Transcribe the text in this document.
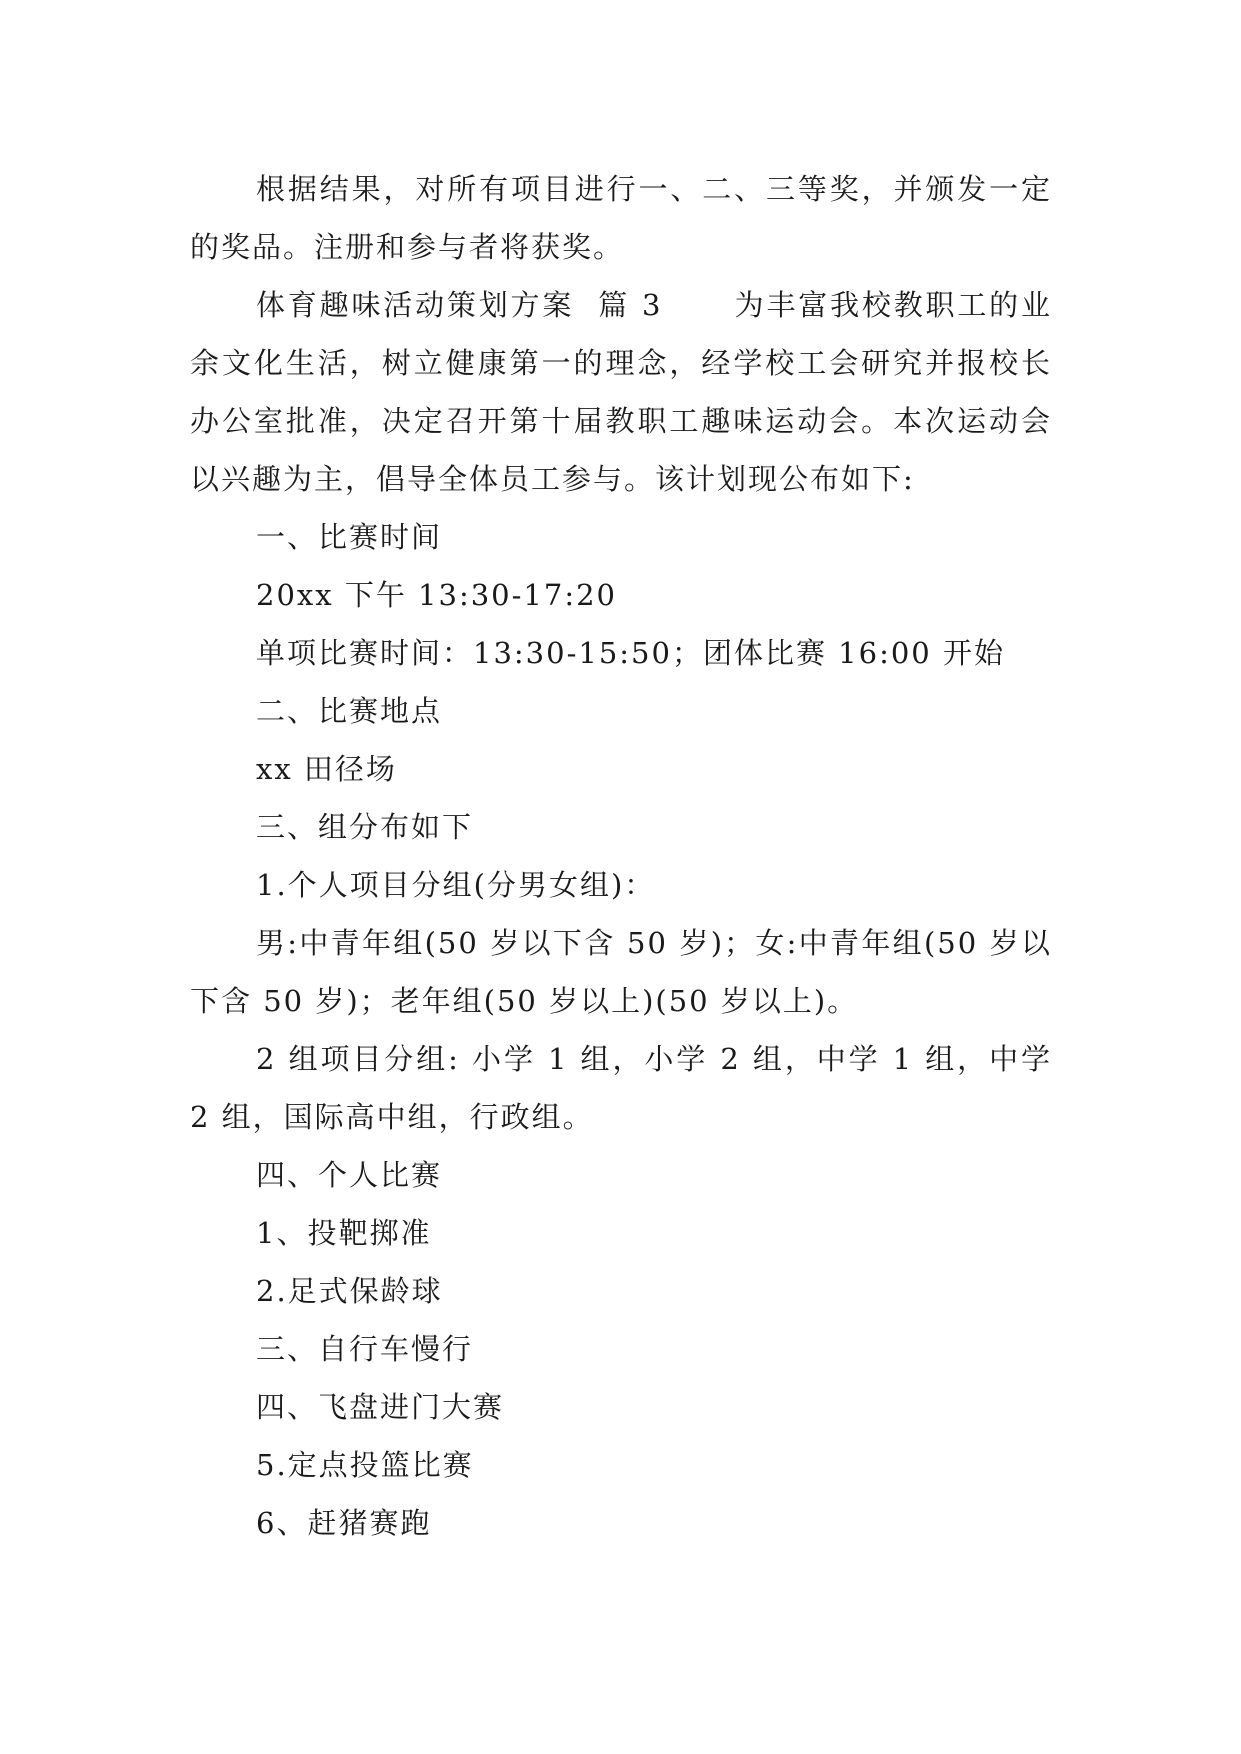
根据结果，对所有项目进行一、二、三等奖，并颁发一定的奖品。注册和参与者将获奖。

体育趣味活动策划方案  篇 3      为丰富我校教职工的业余文化生活，树立健康第一的理念，经学校工会研究并报校长办公室批准，决定召开第十届教职工趣味运动会。本次运动会以兴趣为主，倡导全体员工参与。该计划现公布如下:

一、比赛时间

20xx 下午 13:30-17:20

单项比赛时间：13:30-15:50；团体比赛 16:00 开始

二、比赛地点

xx 田径场

三、组分布如下

1.个人项目分组(分男女组)：

男:中青年组(50 岁以下含 50 岁)；女:中青年组(50 岁以下含 50 岁)；老年组(50 岁以上)(50 岁以上)。

2 组项目分组: 小学 1 组，小学 2 组，中学 1 组，中学 2 组，国际高中组，行政组。

四、个人比赛

1、投靶掷准

2.足式保龄球

三、自行车慢行

四、飞盘进门大赛

5.定点投篮比赛

6、赶猪赛跑
